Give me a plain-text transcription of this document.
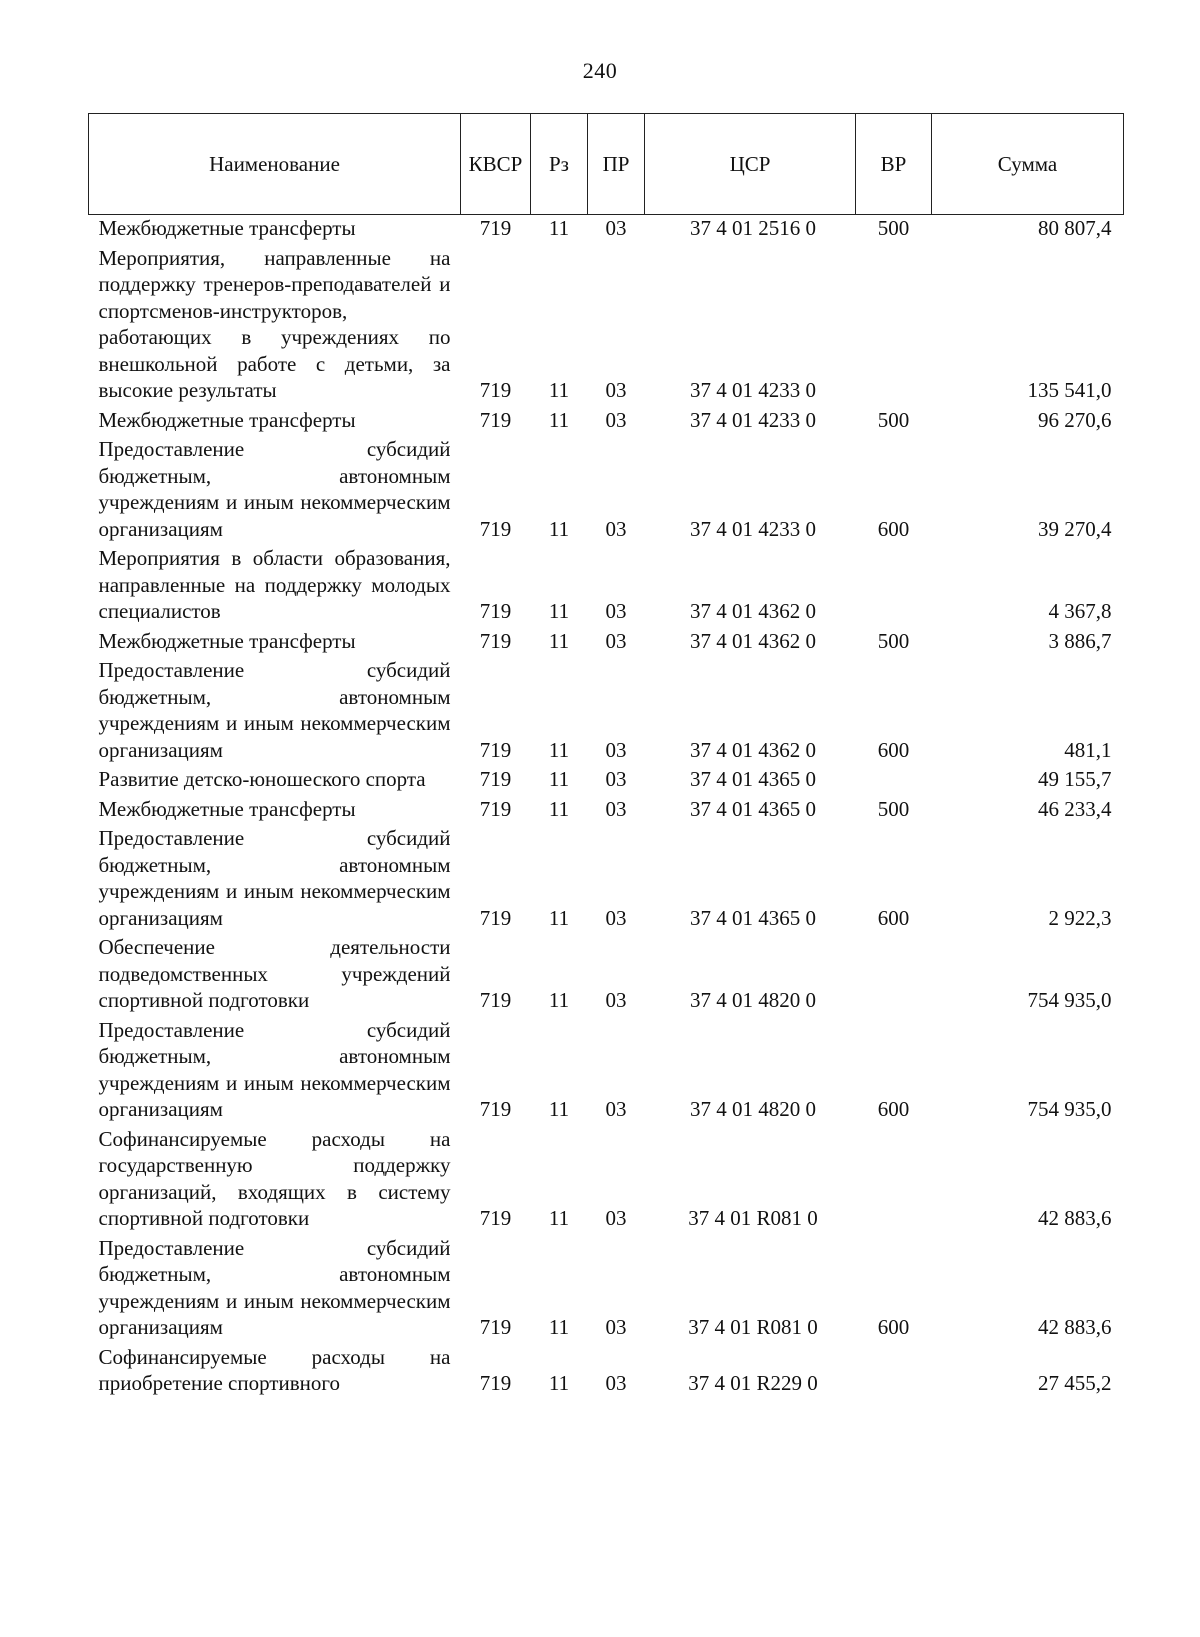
240
Наименование	КВСР	Рз	ПР	ЦСР	ВР	Сумма
Межбюджетные трансферты	719	11	03	37 4 01 2516 0	500	80 807,4
Мероприятия, направленные на поддержку тренеров-преподавателей и спортсменов-инструкторов, работающих в учреждениях по внешкольной работе с детьми, за высокие результаты	719	11	03	37 4 01 4233 0		135 541,0
Межбюджетные трансферты	719	11	03	37 4 01 4233 0	500	96 270,6
Предоставление субсидий бюджетным, автономным учреждениям и иным некоммерческим организациям	719	11	03	37 4 01 4233 0	600	39 270,4
Мероприятия в области образования, направленные на поддержку молодых специалистов	719	11	03	37 4 01 4362 0		4 367,8
Межбюджетные трансферты	719	11	03	37 4 01 4362 0	500	3 886,7
Предоставление субсидий бюджетным, автономным учреждениям и иным некоммерческим организациям	719	11	03	37 4 01 4362 0	600	481,1
Развитие детско-юношеского спорта	719	11	03	37 4 01 4365 0		49 155,7
Межбюджетные трансферты	719	11	03	37 4 01 4365 0	500	46 233,4
Предоставление субсидий бюджетным, автономным учреждениям и иным некоммерческим организациям	719	11	03	37 4 01 4365 0	600	2 922,3
Обеспечение деятельности подведомственных учреждений спортивной подготовки	719	11	03	37 4 01 4820 0		754 935,0
Предоставление субсидий бюджетным, автономным учреждениям и иным некоммерческим организациям	719	11	03	37 4 01 4820 0	600	754 935,0
Софинансируемые расходы на государственную поддержку организаций, входящих в систему спортивной подготовки	719	11	03	37 4 01 R081 0		42 883,6
Предоставление субсидий бюджетным, автономным учреждениям и иным некоммерческим организациям	719	11	03	37 4 01 R081 0	600	42 883,6
Софинансируемые расходы на приобретение спортивного	719	11	03	37 4 01 R229 0		27 455,2
